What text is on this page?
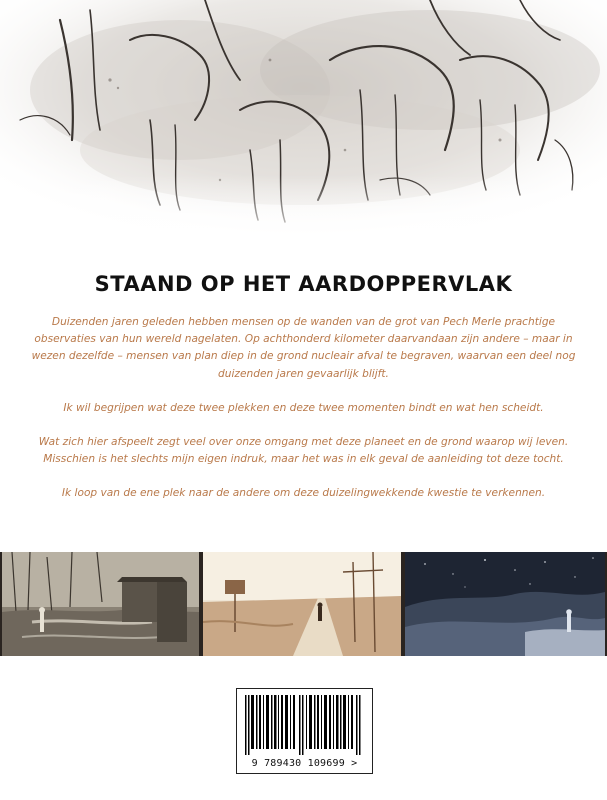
STAAND OP HET AARDOPPERVLAK

Duizenden jaren geleden hebben mensen op de wanden van de grot van Pech Merle prachtige observaties van hun wereld nagelaten. Op achthonderd kilometer daarvandaan zijn andere – maar in wezen dezelfde – mensen van plan diep in de grond nucleair afval te begraven, waarvan een deel nog duizenden jaren gevaarlijk blijft.

Ik wil begrijpen wat deze twee plekken en deze twee momenten bindt en wat hen scheidt.

Wat zich hier afspeelt zegt veel over onze omgang met deze planeet en de grond waarop wij leven. Misschien is het slechts mijn eigen indruk, maar het was in elk geval de aanleiding tot deze tocht.

Ik loop van de ene plek naar de andere om deze duizelingwekkende kwestie te verkennen.

9 789430 109699 >
